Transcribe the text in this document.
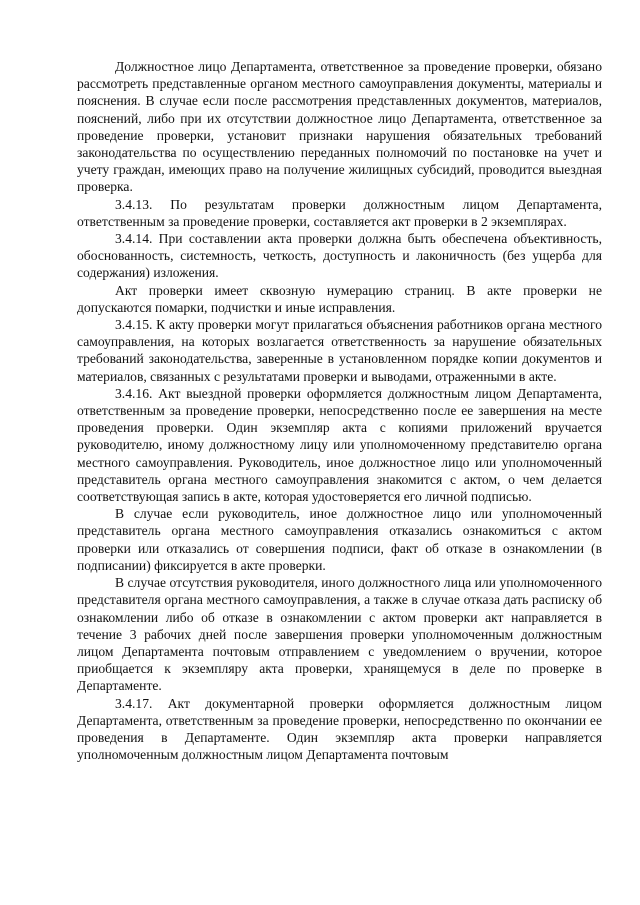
Должностное лицо Департамента, ответственное за проведение проверки, обязано рассмотреть представленные органом местного самоуправления документы, материалы и пояснения. В случае если после рассмотрения представленных документов, материалов, пояснений, либо при их отсутствии должностное лицо Департамента, ответственное за проведение проверки, установит признаки нарушения обязательных требований законодательства по осуществлению переданных полномочий по постановке на учет и учету граждан, имеющих право на получение жилищных субсидий, проводится выездная проверка.

3.4.13. По результатам проверки должностным лицом Департамента, ответственным за проведение проверки, составляется акт проверки в 2 экземплярах.

3.4.14. При составлении акта проверки должна быть обеспечена объективность, обоснованность, системность, четкость, доступность и лаконичность (без ущерба для содержания) изложения.

Акт проверки имеет сквозную нумерацию страниц. В акте проверки не допускаются помарки, подчистки и иные исправления.

3.4.15. К акту проверки могут прилагаться объяснения работников органа местного самоуправления, на которых возлагается ответственность за нарушение обязательных требований законодательства, заверенные в установленном порядке копии документов и материалов, связанных с результатами проверки и выводами, отраженными в акте.

3.4.16. Акт выездной проверки оформляется должностным лицом Департамента, ответственным за проведение проверки, непосредственно после ее завершения на месте проведения проверки. Один экземпляр акта с копиями приложений вручается руководителю, иному должностному лицу или уполномоченному представителю органа местного самоуправления. Руководитель, иное должностное лицо или уполномоченный представитель органа местного самоуправления знакомится с актом, о чем делается соответствующая запись в акте, которая удостоверяется его личной подписью.

В случае если руководитель, иное должностное лицо или уполномоченный представитель органа местного самоуправления отказались ознакомиться с актом проверки или отказались от совершения подписи, факт об отказе в ознакомлении (в подписании) фиксируется в акте проверки.

В случае отсутствия руководителя, иного должностного лица или уполномоченного представителя органа местного самоуправления, а также в случае отказа дать расписку об ознакомлении либо об отказе в ознакомлении с актом проверки акт направляется в течение 3 рабочих дней после завершения проверки уполномоченным должностным лицом Департамента почтовым отправлением с уведомлением о вручении, которое приобщается к экземпляру акта проверки, хранящемуся в деле по проверке в Департаменте.

3.4.17. Акт документарной проверки оформляется должностным лицом Департамента, ответственным за проведение проверки, непосредственно по окончании ее проведения в Департаменте. Один экземпляр акта проверки направляется уполномоченным должностным лицом Департамента почтовым
